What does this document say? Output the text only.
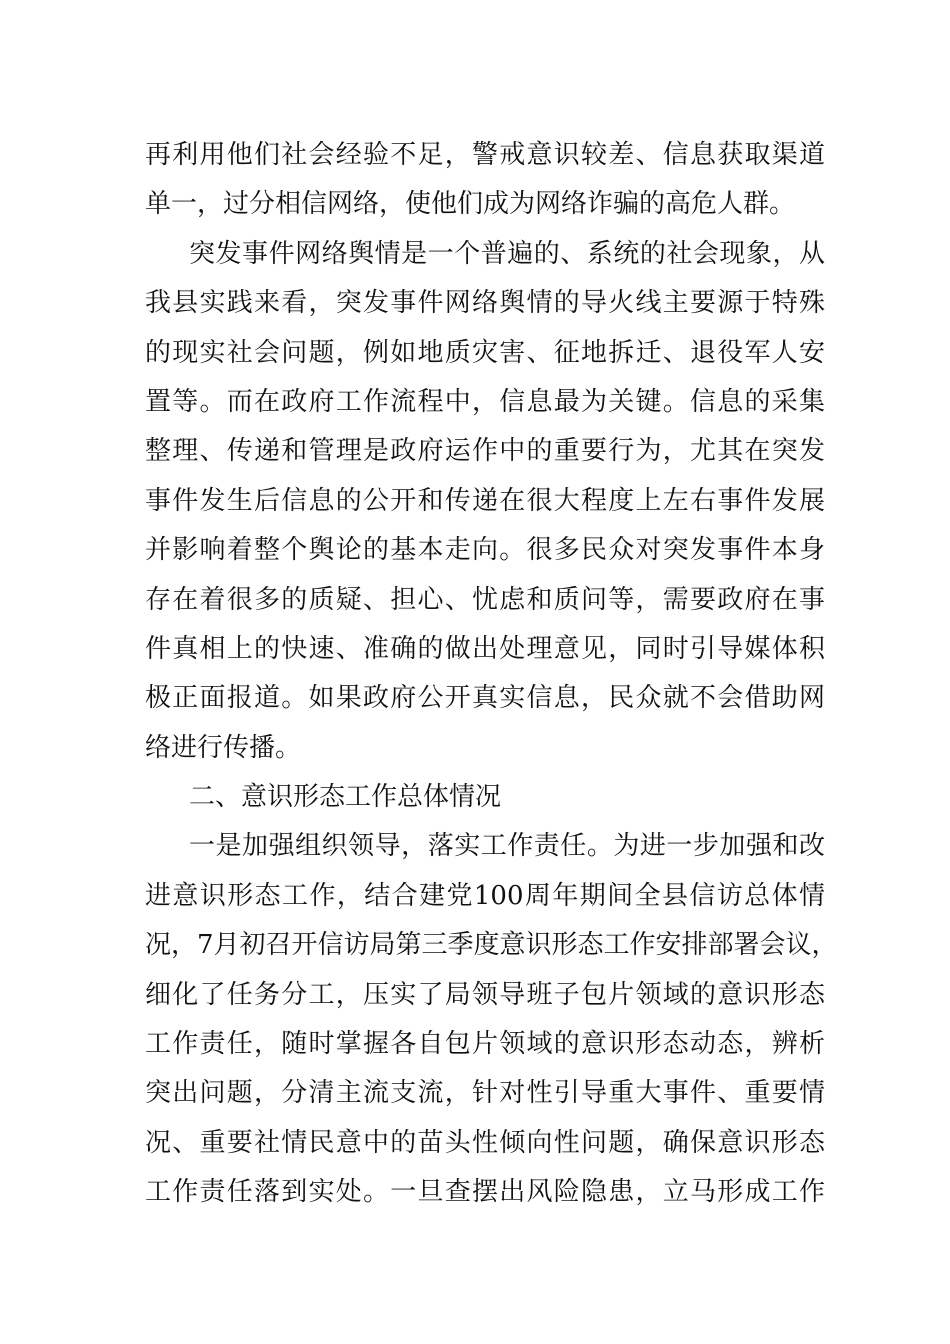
再利用他们社会经验不足，警戒意识较差、信息获取渠道
单一，过分相信网络，使他们成为网络诈骗的高危人群。
突发事件网络舆情是一个普遍的、系统的社会现象，从
我县实践来看，突发事件网络舆情的导火线主要源于特殊
的现实社会问题，例如地质灾害、征地拆迁、退役军人安
置等。而在政府工作流程中，信息最为关键。信息的采集
整理、传递和管理是政府运作中的重要行为，尤其在突发
事件发生后信息的公开和传递在很大程度上左右事件发展
并影响着整个舆论的基本走向。很多民众对突发事件本身
存在着很多的质疑、担心、忧虑和质问等，需要政府在事
件真相上的快速、准确的做出处理意见，同时引导媒体积
极正面报道。如果政府公开真实信息，民众就不会借助网
络进行传播。
二、意识形态工作总体情况
一是加强组织领导，落实工作责任。为进一步加强和改
进意识形态工作，结合建党100周年期间全县信访总体情
况，7月初召开信访局第三季度意识形态工作安排部署会议，
细化了任务分工，压实了局领导班子包片领域的意识形态
工作责任，随时掌握各自包片领域的意识形态动态，辨析
突出问题，分清主流支流，针对性引导重大事件、重要情
况、重要社情民意中的苗头性倾向性问题，确保意识形态
工作责任落到实处。一旦查摆出风险隐患，立马形成工作
